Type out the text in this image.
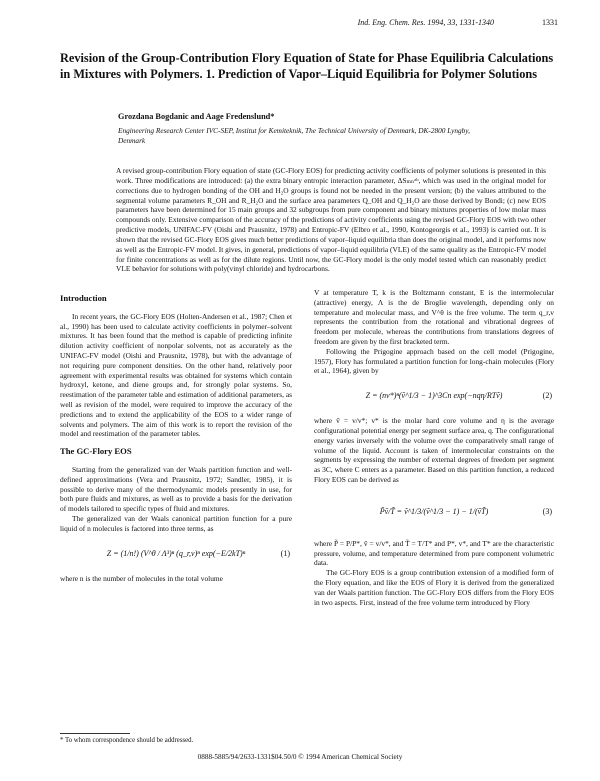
Ind. Eng. Chem. Res. 1994, 33, 1331-1340	1331
Revision of the Group-Contribution Flory Equation of State for Phase Equilibria Calculations in Mixtures with Polymers. 1. Prediction of Vapor–Liquid Equilibria for Polymer Solutions
Grozdana Bogdanic and Aage Fredenslund*
Engineering Research Center IVC-SEP, Institut for Kemiteknik, The Technical University of Denmark, DK-2800 Lyngby, Denmark

A revised group-contribution Flory equation of state (GC-Flory EOS) for predicting activity coefficients of polymer solutions is presented in this work. Three modifications are introduced: (a) the extra binary entropic interaction parameter, ΔSₘₙᵃᵇ, which was used in the original model for corrections due to hydrogen bonding of the OH and H₂O groups is found not be needed in the present version; (b) the values attributed to the segmental volume parameters R_OH and R_H₂O and the surface area parameters Q_OH and Q_H₂O are those derived by Bondi; (c) new EOS parameters have been determined for 15 main groups and 32 subgroups from pure component and binary mixtures properties of low molar mass compounds only. Extensive comparison of the accuracy of the predictions of activity coefficients using the revised GC-Flory EOS with two other predictive models, UNIFAC-FV (Oishi and Prausnitz, 1978) and Entropic-FV (Elbro et al., 1990, Kontogeorgis et al., 1993) is carried out. It is shown that the revised GC-Flory EOS gives much better predictions of vapor–liquid equilibria than does the original model, and it performs now as well as the Entropic-FV model. It gives, in general, predictions of vapor–liquid equilibria (VLE) of the same quality as the Entropic-FV model for finite concentrations as well as for the dilute regions. Until now, the GC-Flory model is the only model tested which can reasonably predict VLE behavior for solutions with poly(vinyl chloride) and hydrocarbons.

Introduction

In recent years, the GC-Flory EOS (Holten-Andersen et al., 1987; Chen et al., 1990) has been used to calculate activity coefficients in polymer–solvent mixtures. It has been found that the method is capable of predicting infinite dilution activity coefficient of nonpolar solvents, not as accurately as the UNIFAC-FV model (Oishi and Prausnitz, 1978), but with the advantage of not requiring pure component densities. On the other hand, relatively poor agreement with experimental results was obtained for systems which contain hydroxyl, ketone, and diene groups and, for strongly polar systems. So, reestimation of the parameter table and estimation of additional parameters, as well as revision of the model, were required to improve the accuracy of the predictions and to extend the applicability of the EOS to a wider range of solvents and polymers. The aim of this work is to report the revision of the model and reestimation of the parameter tables.

The GC-Flory EOS

Starting from the generalized van der Waals partition function and well-defined approximations (Vera and Prausnitz, 1972; Sandler, 1985), it is possible to derive many of the thermodynamic models presently in use, for both pure fluids and mixtures, as well as to provide a basis for the derivation of models tailored to specific types of fluid and mixtures.

The generalized van der Waals canonical partition function for a pure liquid of n molecules is factored into three terms, as

Z = (1/n!) (V^θ / Λ³)ⁿ (q_r,v)ⁿ exp(−E/2kT)ⁿ	(1)

where n is the number of molecules in the total volume

V at temperature T, k is the Boltzmann constant, E is the intermolecular (attractive) energy, Λ is the de Broglie wavelength, depending only on temperature and molecular mass, and V^θ is the free volume. The term q_r,v represents the contribution from the rotational and vibrational degrees of freedom per molecule, whereas the contributions from translations degrees of freedom are given by the first bracketed term.

Following the Prigogine approach based on the cell model (Prigogine, 1957), Flory has formulated a partition function for long-chain molecules (Flory et al., 1964), given by

Z = (nv*)ⁿ(ṽ^1/3 − 1)^3Cn exp(−nqη/RTṽ)	(2)

where ṽ = v/v*; v* is the molar hard core volume and η is the average configurational potential energy per segment surface area, q. The configurational energy varies inversely with the volume over the comparatively small range of volume of the liquid. Account is taken of intermolecular constraints on the segments by expressing the number of external degrees of freedom per segment as 3C, where C enters as a parameter. Based on this partition function, a reduced Flory EOS can be derived as

P̃ṽ/T̃ = ṽ^1/3/(ṽ^1/3 − 1) − 1/(ṽT̃)	(3)

where P̃ = P/P*, ṽ = v/v*, and T̃ = T/T* and P*, v*, and T* are the characteristic pressure, volume, and temperature determined from pure component volumetric data.

The GC-Flory EOS is a group contribution extension of a modified form of the Flory equation, and like the EOS of Flory it is derived from the generalized van der Waals partition function. The GC-Flory EOS differs from the Flory EOS in two aspects. First, instead of the free volume term introduced by Flory

* To whom correspondence should be addressed.
0888-5885/94/2633-1331$04.50/0 © 1994 American Chemical Society
